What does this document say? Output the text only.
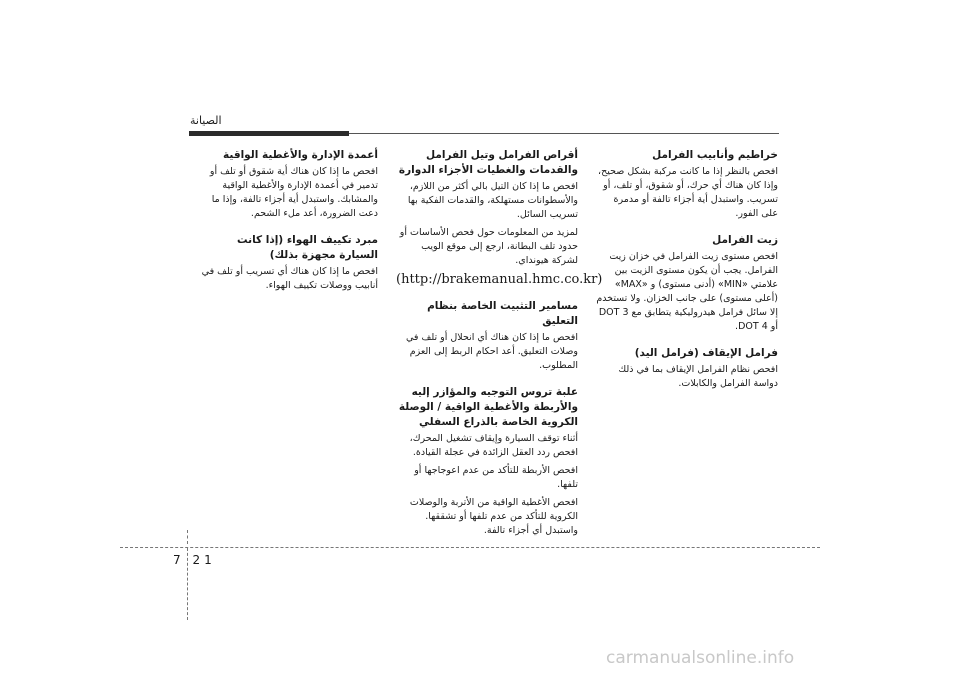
الصيانة
خراطيم وأنابيب الفرامل
افحص بالنظر إذا ما كانت مركبة بشكل صحيح، وإذا كان هناك أي حرك، أو شقوق، أو تلف، أو تسريب. واستبدل أية أجزاء تالفة أو مدمرة على الفور.
زيت الفرامل
افحص مستوى زيت الفرامل في خزان زيت الفرامل. يجب أن يكون مستوى الزيت بين علامتي «MIN» (أدنى مستوى) و «MAX» (أعلى مستوى) على جانب الخزان. ولا تستخدم إلا سائل فرامل هيدروليكية يتطابق مع DOT 3 أو DOT 4.
فرامل الإيقاف (فرامل اليد)
افحص نظام الفرامل الإيقاف بما في ذلك دواسة الفرامل والكابلات.
أقراص الفرامل وتيل الفرامل والقدمات والغطيات الأجزاء الدوارة
افحص ما إذا كان التيل بالي أكثر من اللازم، والأسطوانات مستهلكة، والقدمات الفكية بها تسريب السائل.
لمزيد من المعلومات حول فحص الأساسات أو حدود تلف البطانة، ارجع إلى موقع الويب لشركة هيونداي.
(http://brakemanual.hmc.co.kr)
مسامير التثبيت الخاصة بنظام التعليق
افحص ما إذا كان هناك أي انحلال أو تلف في وصلات التعليق. أعد احكام الربط إلى العزم المطلوب.
علبة تروس التوجيه والمؤازر إليه والأربطة والأغطية الواقية / الوصلة الكروية الخاصة بالذراع السفلي
أثناء توقف السيارة وإيقاف تشغيل المحرك، افحص ردد العقل الزائدة في عجلة القيادة.
افحص الأربطة للتأكد من عدم اعوجاجها أو تلفها.
افحص الأغطية الواقية من الأتربة والوصلات الكروية للتأكد من عدم تلفها أو تشققها. واستبدل أي أجزاء تالفة.
أعمدة الإدارة والأغطية الواقية
افحص ما إذا كان هناك أية شقوق أو تلف أو تدمير في أعمدة الإدارة والأغطية الواقية والمشابك. واستبدل أية أجزاء تالفة، وإذا ما دعت الضرورة، أعد ملء الشحم.
مبرد تكييف الهواء (إذا كانت السيارة مجهزة بذلك)
افحص ما إذا كان هناك أي تسريب أو تلف في أنابيب ووصلات تكييف الهواء.
7 21
carmanualsonline.info
